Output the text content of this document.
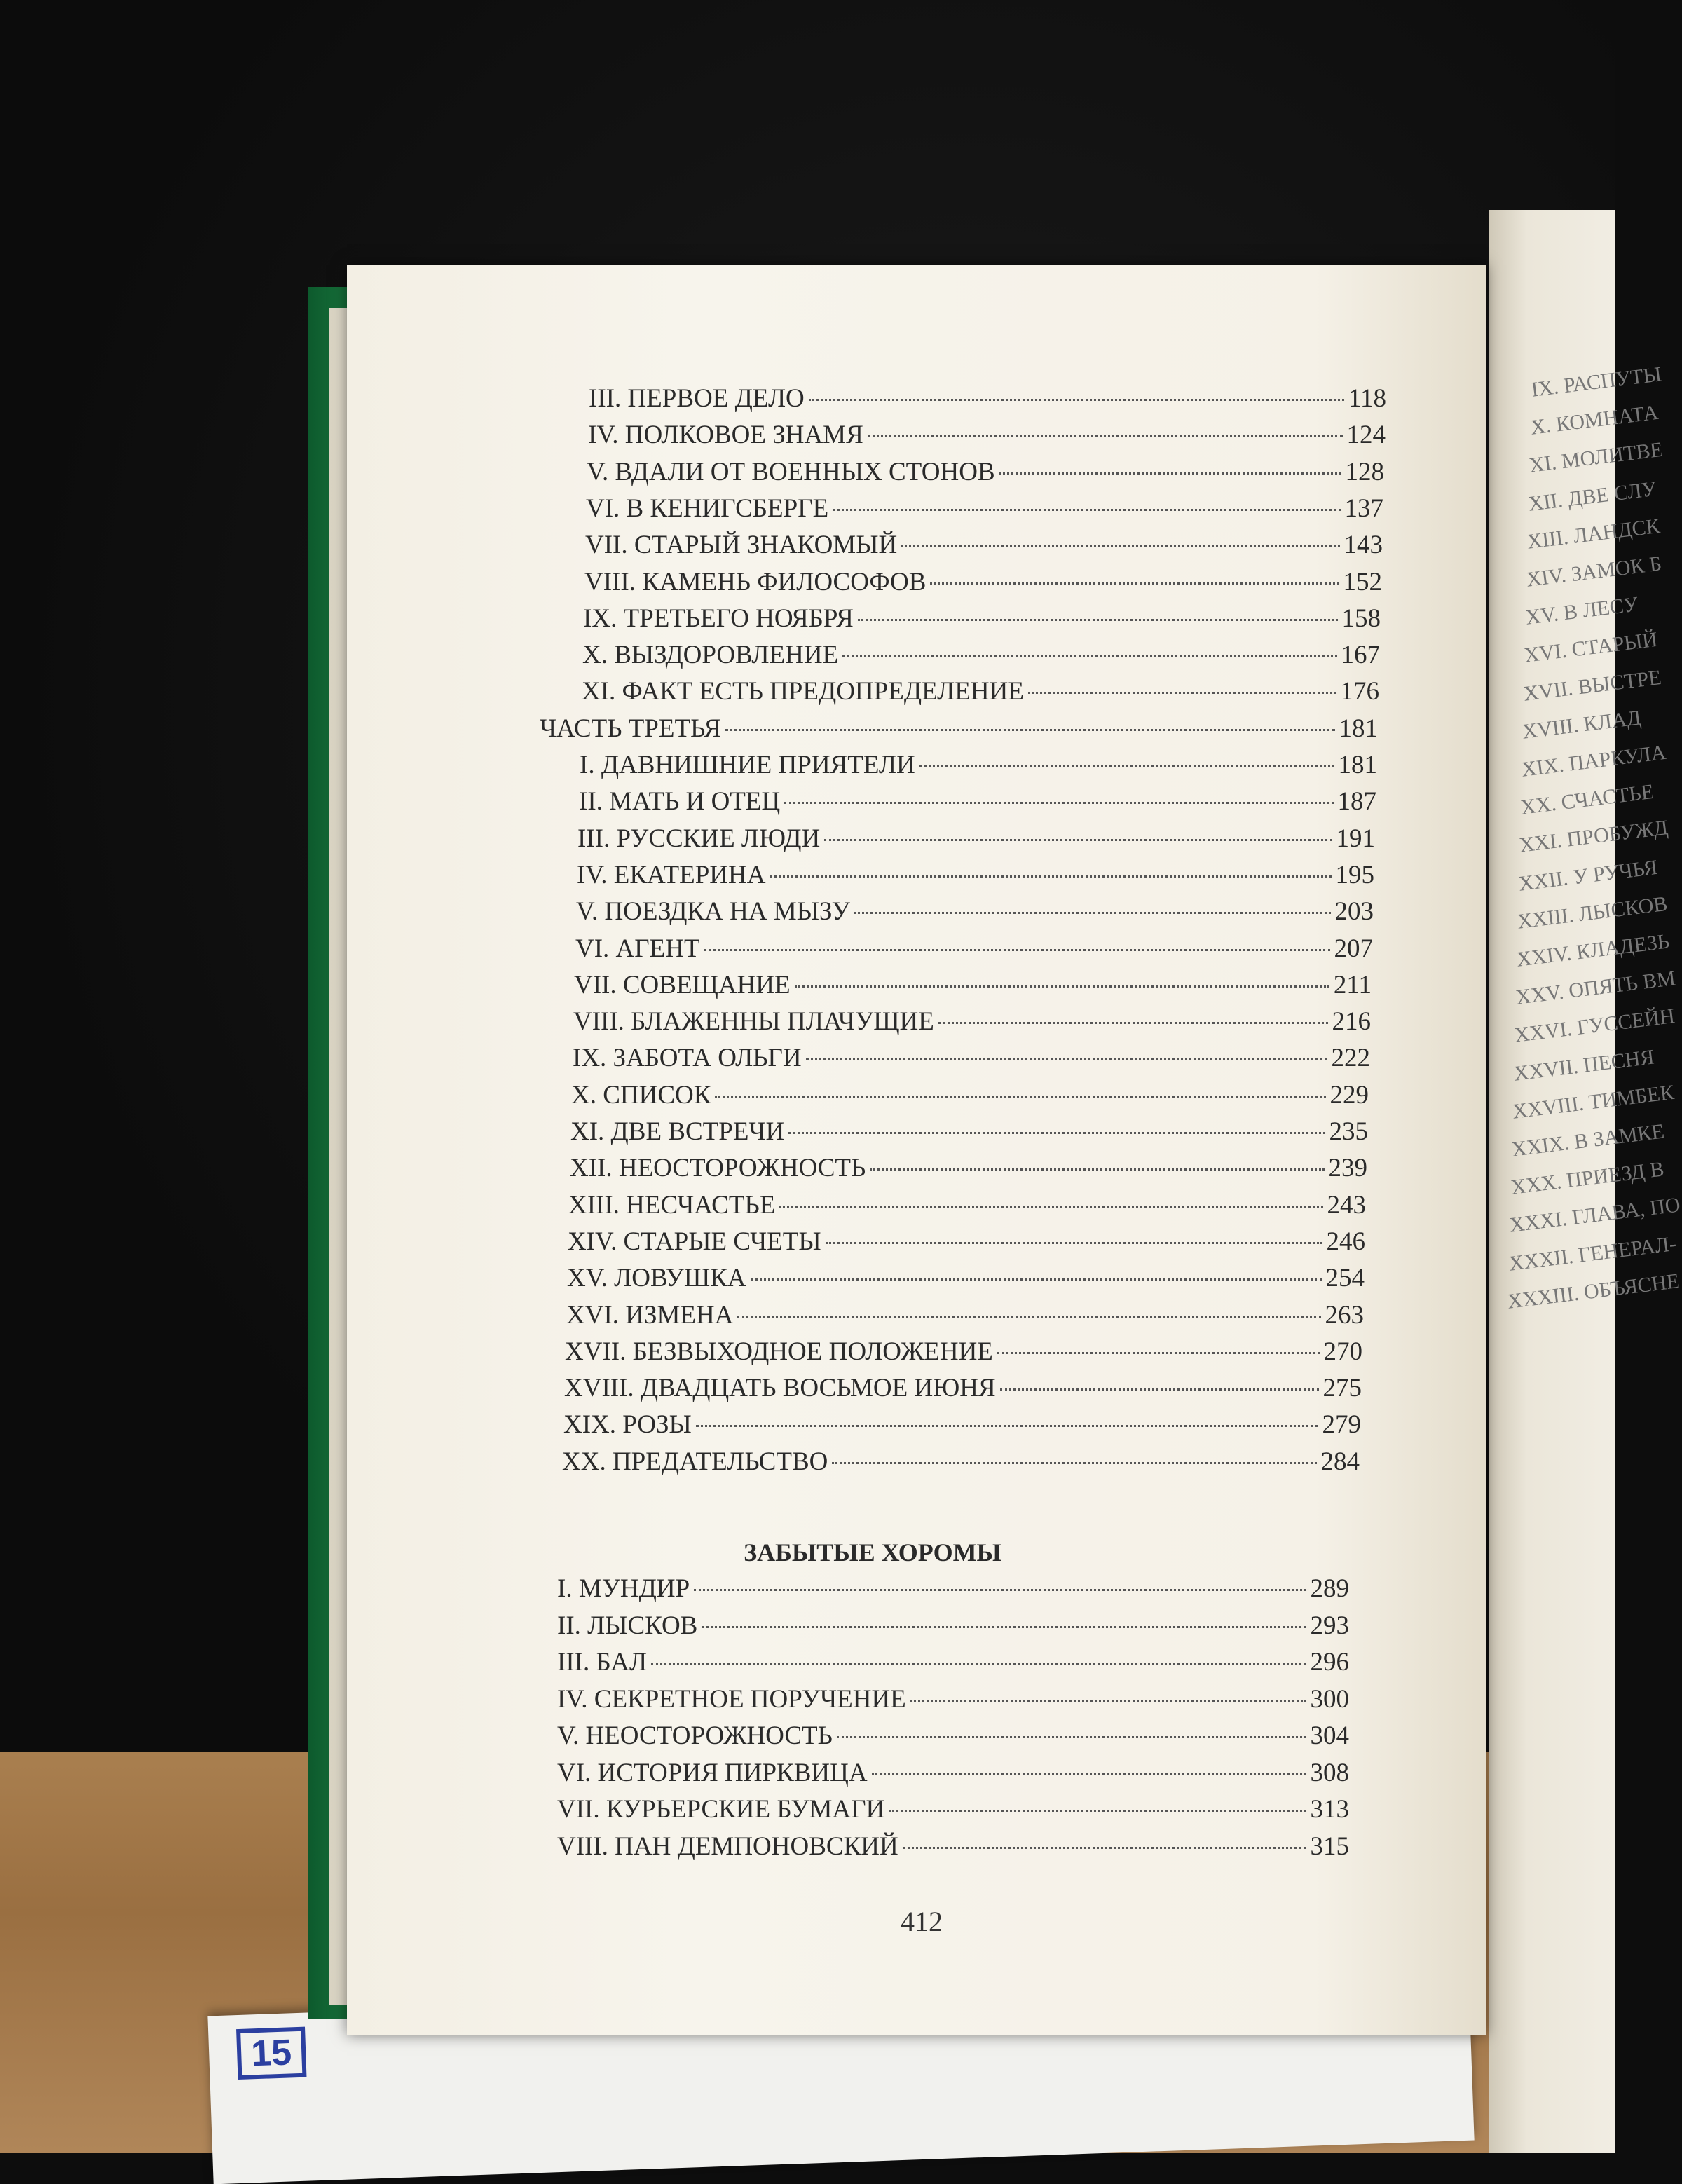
15
IX. РАСПУТЫ
X. КОМНАТА
XI. МОЛИТВЕ
XII. ДВЕ СЛУ
XIII. ЛАНДСК
XIV. ЗАМОК Б
XV. В ЛЕСУ
XVI. СТАРЫЙ
XVII. ВЫСТРЕ
XVIII. КЛАД
XIX. ПАРКУЛА
XX. СЧАСТЬЕ
XXI. ПРОБУЖД
XXII. У РУЧЬЯ
XXIII. ЛЫСКОВ
XXIV. КЛАДЕЗЬ
XXV. ОПЯТЬ ВМ
XXVI. ГУССЕЙН
XXVII. ПЕСНЯ
XXVIII. ТИМБЕК
XXIX. В ЗАМКЕ
XXX. ПРИЕЗД В
XXXI. ГЛАВА, ПО
XXXII. ГЕНЕРАЛ-
XXXIII. ОБЪЯСНЕ
III. ПЕРВОЕ ДЕЛО	118
IV. ПОЛКОВОЕ ЗНАМЯ	124
V. ВДАЛИ ОТ ВОЕННЫХ СТОНОВ	128
VI. В КЕНИГСБЕРГЕ	137
VII. СТАРЫЙ ЗНАКОМЫЙ	143
VIII. КАМЕНЬ ФИЛОСОФОВ	152
IX. ТРЕТЬЕГО НОЯБРЯ	158
X. ВЫЗДОРОВЛЕНИЕ	167
XI. ФАКТ ЕСТЬ ПРЕДОПРЕДЕЛЕНИЕ	176
ЧАСТЬ ТРЕТЬЯ	181
I. ДАВНИШНИЕ ПРИЯТЕЛИ	181
II. МАТЬ И ОТЕЦ	187
III. РУССКИЕ ЛЮДИ	191
IV. ЕКАТЕРИНА	195
V. ПОЕЗДКА НА МЫЗУ	203
VI. АГЕНТ	207
VII. СОВЕЩАНИЕ	211
VIII. БЛАЖЕННЫ ПЛАЧУЩИЕ	216
IX. ЗАБОТА ОЛЬГИ	222
X. СПИСОК	229
XI. ДВЕ ВСТРЕЧИ	235
XII. НЕОСТОРОЖНОСТЬ	239
XIII. НЕСЧАСТЬЕ	243
XIV. СТАРЫЕ СЧЕТЫ	246
XV. ЛОВУШКА	254
XVI. ИЗМЕНА	263
XVII. БЕЗВЫХОДНОЕ ПОЛОЖЕНИЕ	270
XVIII. ДВАДЦАТЬ ВОСЬМОЕ ИЮНЯ	275
XIX. РОЗЫ	279
XX. ПРЕДАТЕЛЬСТВО	284
I. МУНДИР	289
II. ЛЫСКОВ	293
III. БАЛ	296
IV. СЕКРЕТНОЕ ПОРУЧЕНИЕ	300
V. НЕОСТОРОЖНОСТЬ	304
VI. ИСТОРИЯ ПИРКВИЦА	308
VII. КУРЬЕРСКИЕ БУМАГИ	313
VIII. ПАН ДЕМПОНОВСКИЙ	315
ЗАБЫТЫЕ ХОРОМЫ
412
